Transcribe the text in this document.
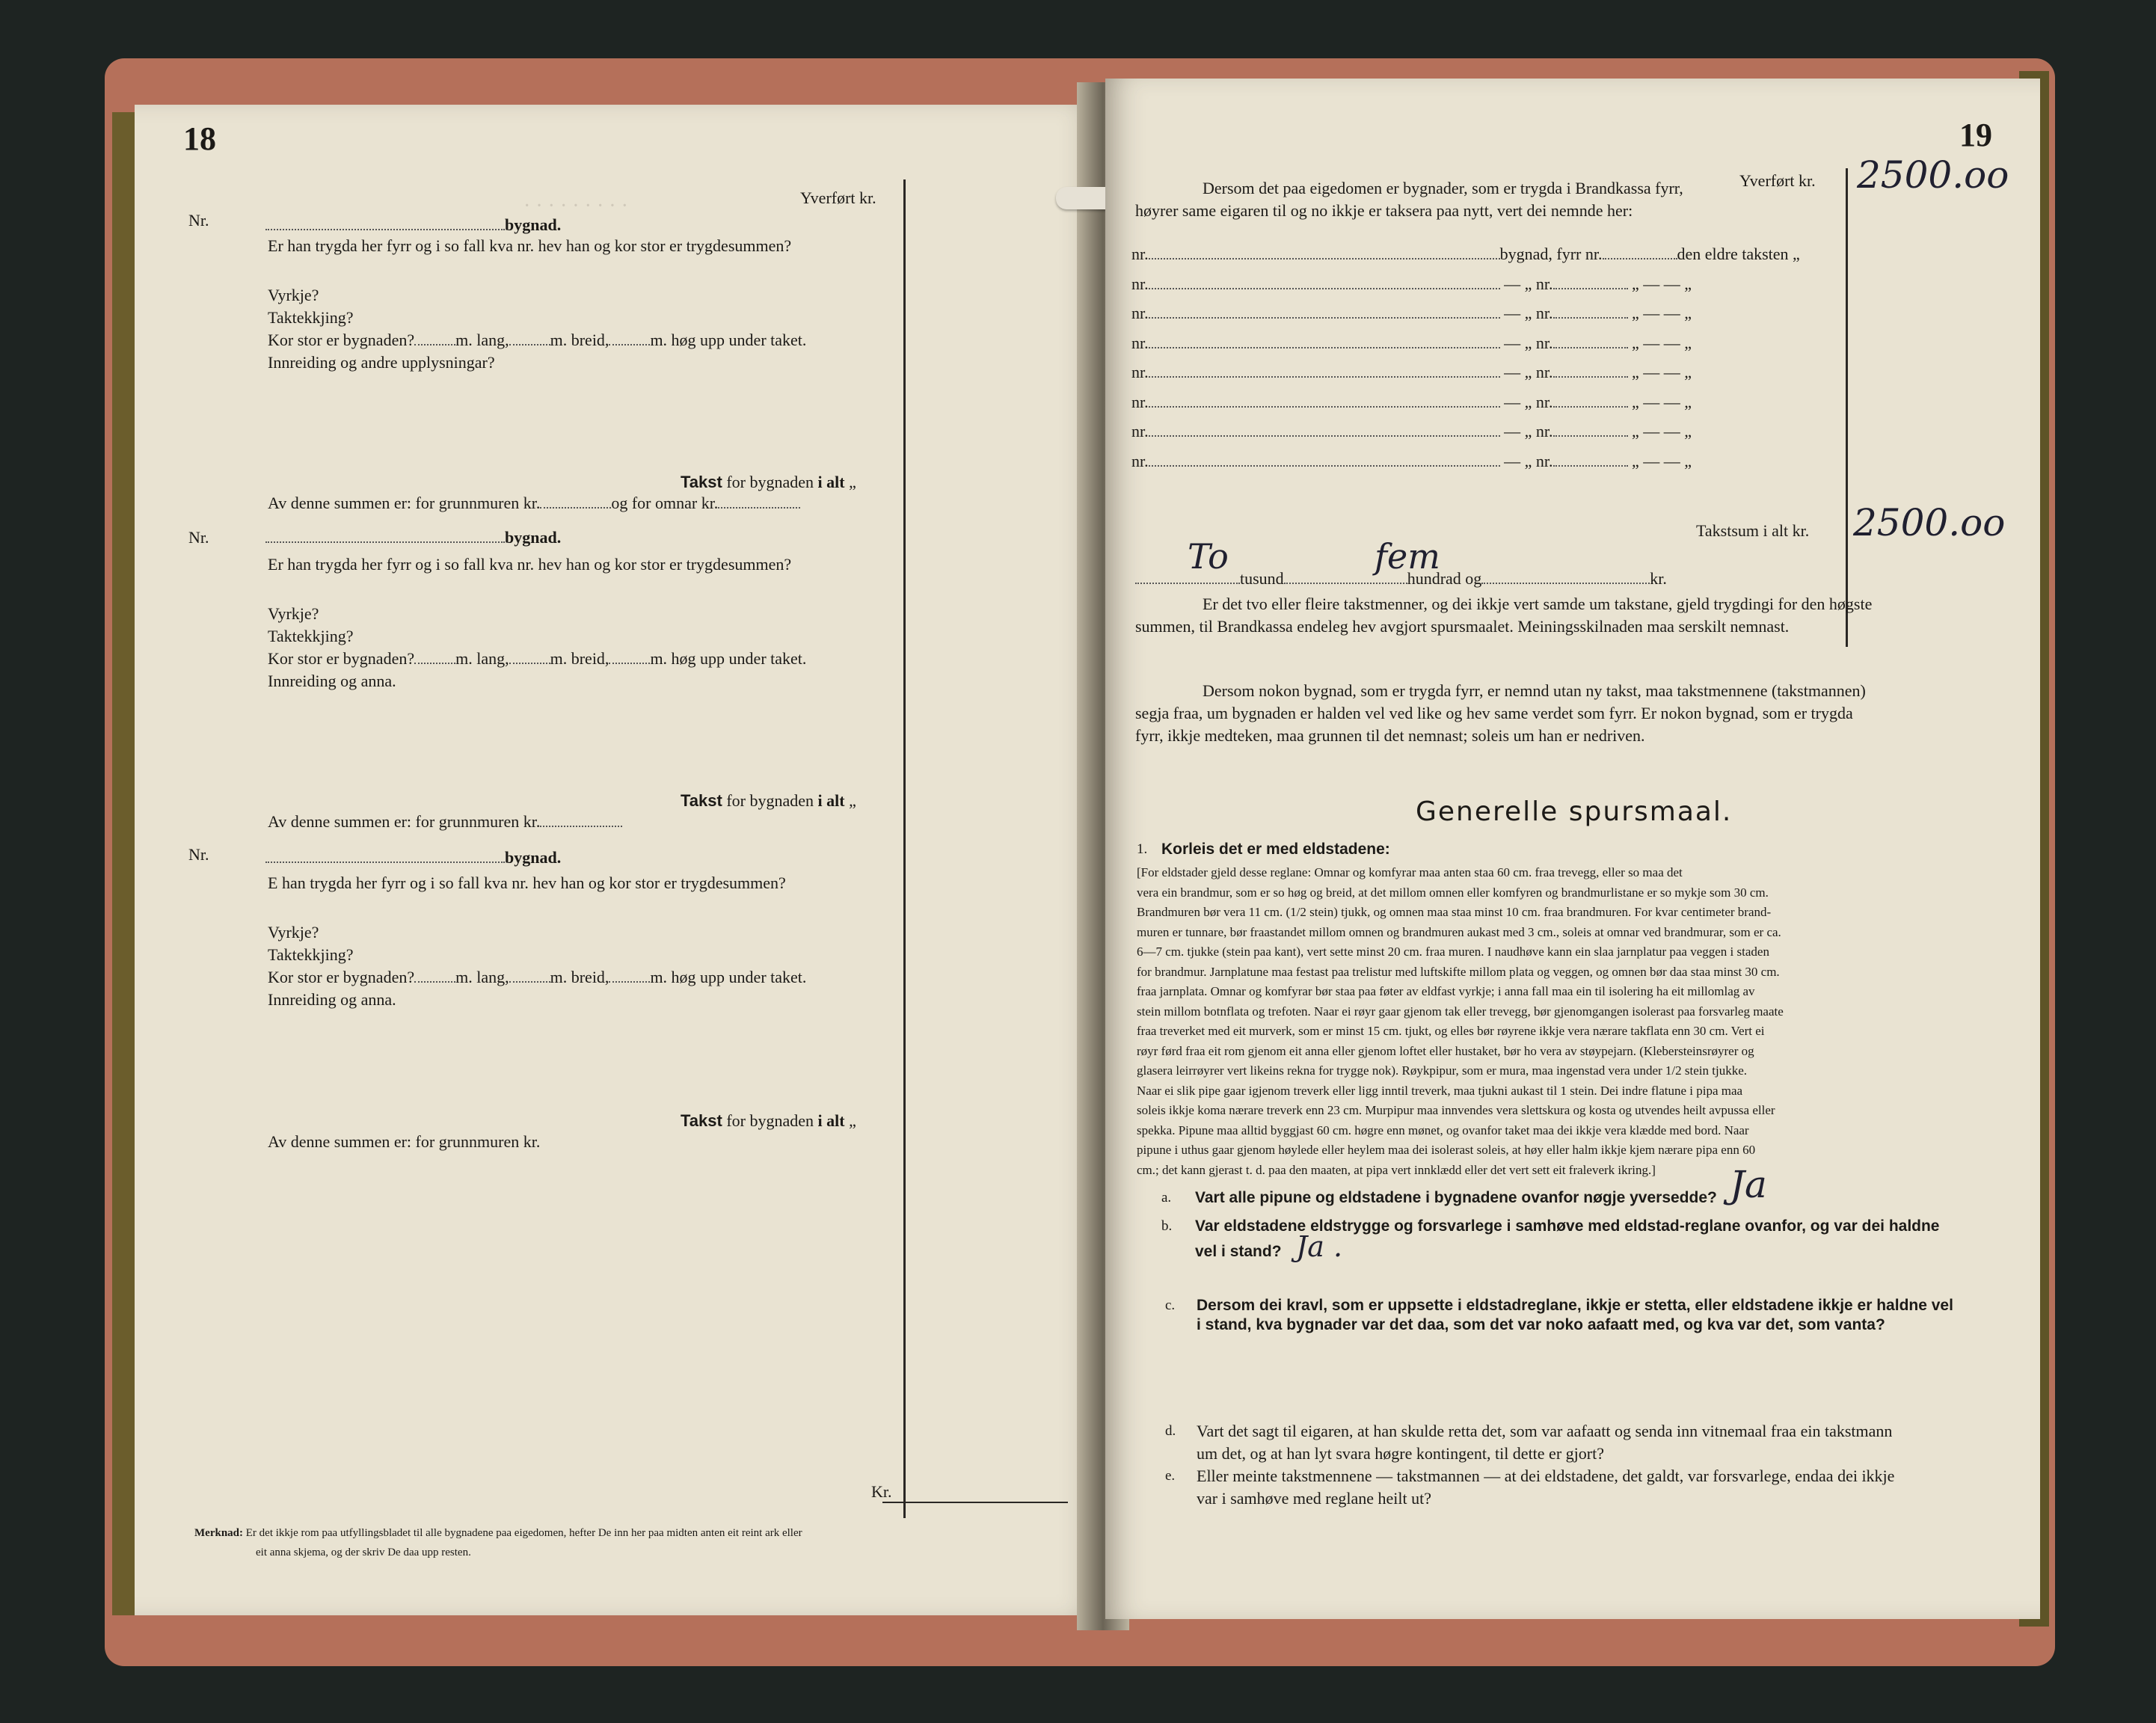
· · · · · · · · ·
18
Yverført kr.
Nr.	bygnad.
Er han trygda her fyrr og i so fall kva nr. hev han og kor stor er trygdesummen?
Vyrkje?
Taktekkjing?
Kor stor er bygnaden?	m. lang,	m. breid,	m. høg upp under taket.
Innreiding og andre upplysningar?
Takst for bygnaden i alt „
Av denne summen er: for grunnmuren kr.	og for omnar kr.
Nr.	bygnad.
Er han trygda her fyrr og i so fall kva nr. hev han og kor stor er trygdesummen?
Vyrkje?
Taktekkjing?
Kor stor er bygnaden?	m. lang,	m. breid,	m. høg upp under taket.
Innreiding og anna.
Takst for bygnaden i alt „
Av denne summen er: for grunnmuren kr.
Nr.	bygnad.
E han trygda her fyrr og i so fall kva nr. hev han og kor stor er trygdesummen?
Vyrkje?
Taktekkjing?
Kor stor er bygnaden?	m. lang,	m. breid,	m. høg upp under taket.
Innreiding og anna.
Takst for bygnaden i alt „
Av denne summen er: for grunnmuren kr.
Kr.
Merknad: Er det ikkje rom paa utfyllingsbladet til alle bygnadene paa eigedomen, hefter De inn her paa midten anten eit reint ark eller
eit anna skjema, og der skriv De daa upp resten.
19
Yverført kr. 2500.oo
Dersom det paa eigedomen er bygnader, som er trygda i Brandkassa fyrr,
høyrer same eigaren til og no ikkje er taksera paa nytt, vert dei nemnde her:
nr.	bygnad, fyrr nr.	den eldre taksten „
nr.	— „ nr.	„ — — „
nr.	— „ nr.	„ — — „
nr.	— „ nr.	„ — — „
nr.	— „ nr.	„ — — „
nr.	— „ nr.	„ — — „
nr.	— „ nr.	„ — — „
nr.	— „ nr.	„ — — „
Takstsum i alt kr. 2500.oo
tusund	hundrad og	kr.
To	fem
Er det tvo eller fleire takstmenner, og dei ikkje vert samde um takstane, gjeld trygdingi for den høgste
summen, til Brandkassa endeleg hev avgjort spursmaalet. Meiningsskilnaden maa serskilt nemnast.
Dersom nokon bygnad, som er trygda fyrr, er nemnd utan ny takst, maa takstmennene (takstmannen)
segja fraa, um bygnaden er halden vel ved like og hev same verdet som fyrr. Er nokon bygnad, som er trygda
fyrr, ikkje medteken, maa grunnen til det nemnast; soleis um han er nedriven.
Generelle spursmaal.
1. Korleis det er med eldstadene:
[For eldstader gjeld desse reglane: Omnar og komfyrar maa anten staa 60 cm. fraa trevegg, eller so maa det
vera ein brandmur, som er so høg og breid, at det millom omnen eller komfyren og brandmurlistane er so mykje som 30 cm.
Brandmuren bør vera 11 cm. (1/2 stein) tjukk, og omnen maa staa minst 10 cm. fraa brandmuren. For kvar centimeter brand-
muren er tunnare, bør fraastandet millom omnen og brandmuren aukast med 3 cm., soleis at omnar ved brandmurar, som er ca.
6—7 cm. tjukke (stein paa kant), vert sette minst 20 cm. fraa muren. I naudhøve kann ein slaa jarnplatur paa veggen i staden
for brandmur. Jarnplatune maa festast paa trelistur med luftskifte millom plata og veggen, og omnen bør daa staa minst 30 cm.
fraa jarnplata. Omnar og komfyrar bør staa paa føter av eldfast vyrkje; i anna fall maa ein til isolering ha eit millomlag av
stein millom botnflata og trefoten. Naar ei røyr gaar gjenom tak eller trevegg, bør gjenomgangen isolerast paa forsvarleg maate
fraa treverket med eit murverk, som er minst 15 cm. tjukt, og elles bør røyrene ikkje vera nærare takflata enn 30 cm. Vert ei
røyr førd fraa eit rom gjenom eit anna eller gjenom loftet eller hustaket, bør ho vera av støypejarn. (Klebersteinsrøyrer og
glasera leirrøyrer vert likeins rekna for trygge nok). Røykpipur, som er mura, maa ingenstad vera under 1/2 stein tjukke.
Naar ei slik pipe gaar igjenom treverk eller ligg inntil treverk, maa tjukni aukast til 1 stein. Dei indre flatune i pipa maa
soleis ikkje koma nærare treverk enn 23 cm. Murpipur maa innvendes vera slettskura og kosta og utvendes heilt avpussa eller
spekka. Pipune maa alltid byggjast 60 cm. høgre enn mønet, og ovanfor taket maa dei ikkje vera klædde med bord. Naar
pipune i uthus gaar gjenom høylede eller heylem maa dei isolerast soleis, at høy eller halm ikkje kjem nærare pipa enn 60
cm.; det kann gjerast t. d. paa den maaten, at pipa vert innklædd eller det vert sett eit fraleverk ikring.]
a. Vart alle pipune og eldstadene i bygnadene ovanfor nøgje yversedde? Ja
b. Var eldstadene eldstrygge og forsvarlege i samhøve med eldstad-reglane ovanfor, og var dei haldne
vel i stand? Ja .
c. Dersom dei kravl, som er uppsette i eldstadreglane, ikkje er stetta, eller eldstadene ikkje er haldne vel
i stand, kva bygnader var det daa, som det var noko aafaatt med, og kva var det, som vanta?
d. Vart det sagt til eigaren, at han skulde retta det, som var aafaatt og senda inn vitnemaal fraa ein takstmann
um det, og at han lyt svara høgre kontingent, til dette er gjort?
e. Eller meinte takstmennene — takstmannen — at dei eldstadene, det galdt, var forsvarlege, endaa dei ikkje
var i samhøve med reglane heilt ut?
